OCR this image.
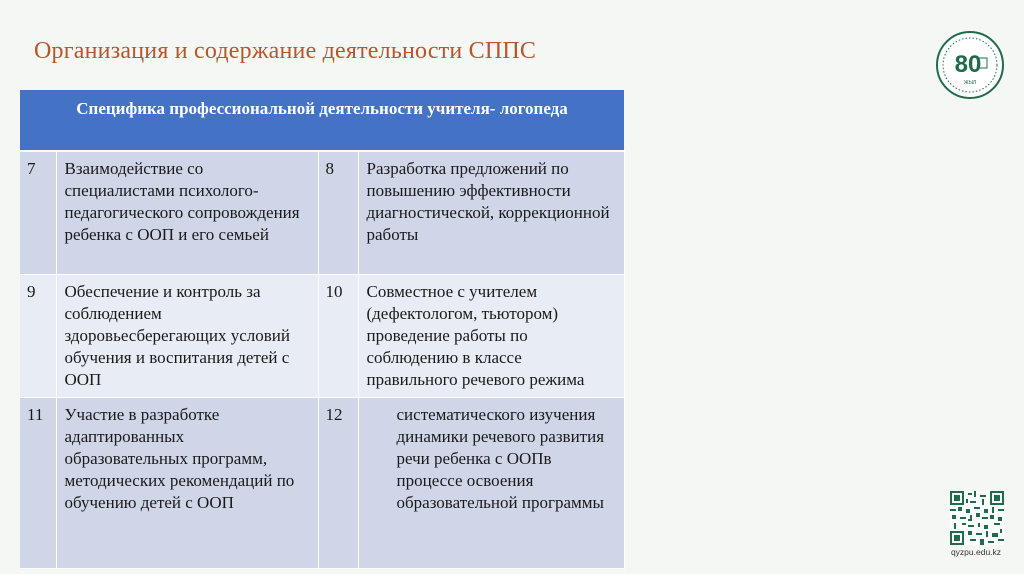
Организация и содержание деятельности СППС
Специфика профессиональной деятельности учителя- логопеда			

7	Взаимодействие со специалистами психолого-педагогического сопровождения ребенка с ООП и его семьей	8	Разработка предложений по повышению эффективности диагностической, коррекционной работы
9	Обеспечение и контроль за соблюдением здоровьесберегающих условий обучения и воспитания детей с ООП	10	Совместное с учителем (дефектологом, тьютором) проведение работы по соблюдению в классе правильного речевого режима
11	Участие в разработке адаптированных образовательных программ, методических рекомендаций по обучению детей с ООП	12	систематического изучения динамики речевого развития речи ребенка с ООПв процессе освоения образовательной программы
80
ЖЫЛ
qyzpu.edu.kz
